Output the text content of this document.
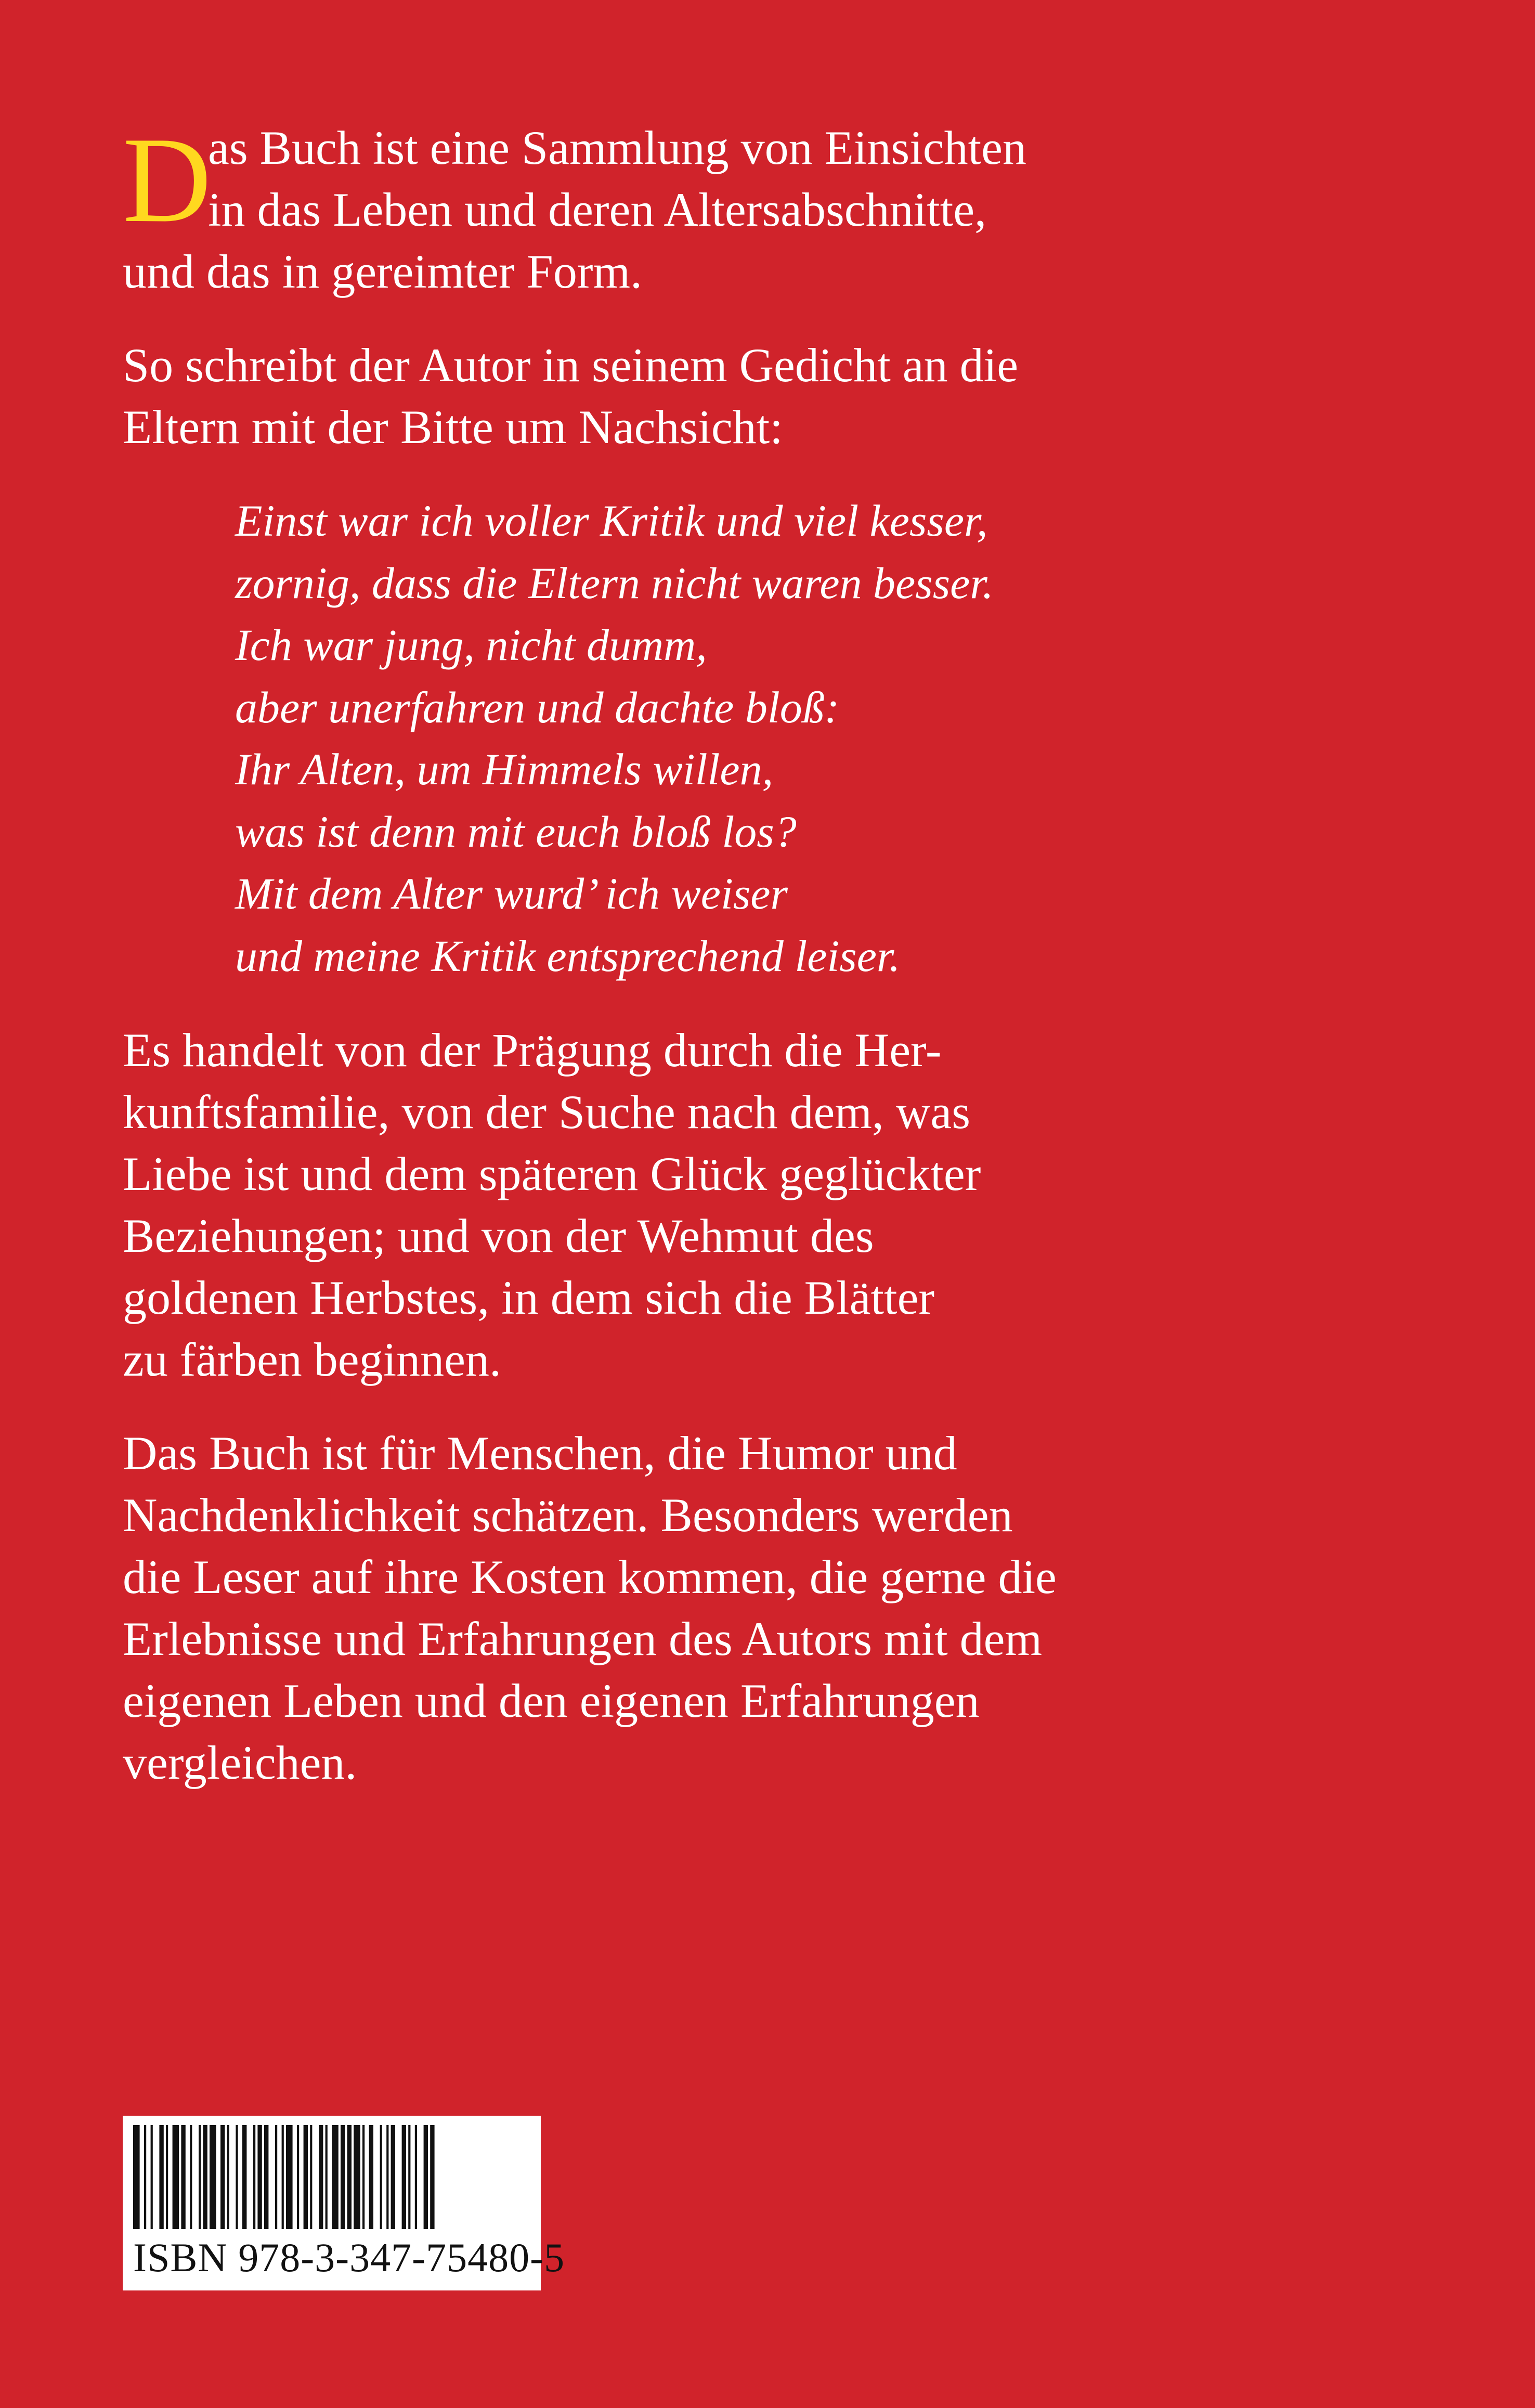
D
as Buch ist eine Sammlung von Einsichten
in das Leben und deren Altersabschnitte,
und das in gereimter Form.
So schreibt der Autor in seinem Gedicht an die
Eltern mit der Bitte um Nachsicht:
Einst war ich voller Kritik und viel kesser,
zornig, dass die Eltern nicht waren besser.
Ich war jung, nicht dumm,
aber unerfahren und dachte bloß:
Ihr Alten, um Himmels willen,
was ist denn mit euch bloß los?
Mit dem Alter wurd’ ich weiser
und meine Kritik entsprechend leiser.
Es handelt von der Prägung durch die Her-
kunftsfamilie, von der Suche nach dem, was
Liebe ist und dem späteren Glück geglückter
Beziehungen; und von der Wehmut des
goldenen Herbstes, in dem sich die Blätter
zu färben beginnen.
Das Buch ist für Menschen, die Humor und
Nachdenklichkeit schätzen. Besonders werden
die Leser auf ihre Kosten kommen, die gerne die
Erlebnisse und Erfahrungen des Autors mit dem
eigenen Leben und den eigenen Erfahrungen
vergleichen.
ISBN 978-3-347-75480-5
